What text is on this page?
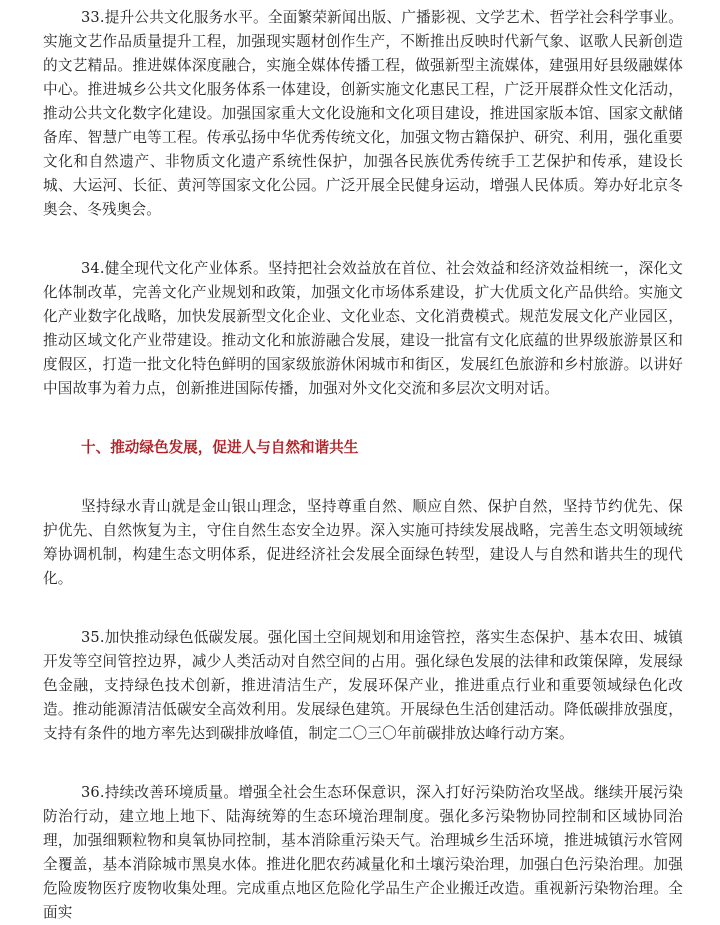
33.提升公共文化服务水平。全面繁荣新闻出版、广播影视、文学艺术、哲学社会科学事业。实施文艺作品质量提升工程，加强现实题材创作生产，不断推出反映时代新气象、讴歌人民新创造的文艺精品。推进媒体深度融合，实施全媒体传播工程，做强新型主流媒体，建强用好县级融媒体中心。推进城乡公共文化服务体系一体建设，创新实施文化惠民工程，广泛开展群众性文化活动，推动公共文化数字化建设。加强国家重大文化设施和文化项目建设，推进国家版本馆、国家文献储备库、智慧广电等工程。传承弘扬中华优秀传统文化，加强文物古籍保护、研究、利用，强化重要文化和自然遗产、非物质文化遗产系统性保护，加强各民族优秀传统手工艺保护和传承，建设长城、大运河、长征、黄河等国家文化公园。广泛开展全民健身运动，增强人民体质。筹办好北京冬奥会、冬残奥会。

34.健全现代文化产业体系。坚持把社会效益放在首位、社会效益和经济效益相统一，深化文化体制改革，完善文化产业规划和政策，加强文化市场体系建设，扩大优质文化产品供给。实施文化产业数字化战略，加快发展新型文化企业、文化业态、文化消费模式。规范发展文化产业园区，推动区域文化产业带建设。推动文化和旅游融合发展，建设一批富有文化底蕴的世界级旅游景区和度假区，打造一批文化特色鲜明的国家级旅游休闲城市和街区，发展红色旅游和乡村旅游。以讲好中国故事为着力点，创新推进国际传播，加强对外文化交流和多层次文明对话。

十、推动绿色发展，促进人与自然和谐共生

坚持绿水青山就是金山银山理念，坚持尊重自然、顺应自然、保护自然，坚持节约优先、保护优先、自然恢复为主，守住自然生态安全边界。深入实施可持续发展战略，完善生态文明领域统筹协调机制，构建生态文明体系，促进经济社会发展全面绿色转型，建设人与自然和谐共生的现代化。

35.加快推动绿色低碳发展。强化国土空间规划和用途管控，落实生态保护、基本农田、城镇开发等空间管控边界，减少人类活动对自然空间的占用。强化绿色发展的法律和政策保障，发展绿色金融，支持绿色技术创新，推进清洁生产，发展环保产业，推进重点行业和重要领域绿色化改造。推动能源清洁低碳安全高效利用。发展绿色建筑。开展绿色生活创建活动。降低碳排放强度，支持有条件的地方率先达到碳排放峰值，制定二〇三〇年前碳排放达峰行动方案。

36.持续改善环境质量。增强全社会生态环保意识，深入打好污染防治攻坚战。继续开展污染防治行动，建立地上地下、陆海统筹的生态环境治理制度。强化多污染物协同控制和区域协同治理，加强细颗粒物和臭氧协同控制，基本消除重污染天气。治理城乡生活环境，推进城镇污水管网全覆盖，基本消除城市黑臭水体。推进化肥农药减量化和土壤污染治理，加强白色污染治理。加强危险废物医疗废物收集处理。完成重点地区危险化学品生产企业搬迁改造。重视新污染物治理。全面实
